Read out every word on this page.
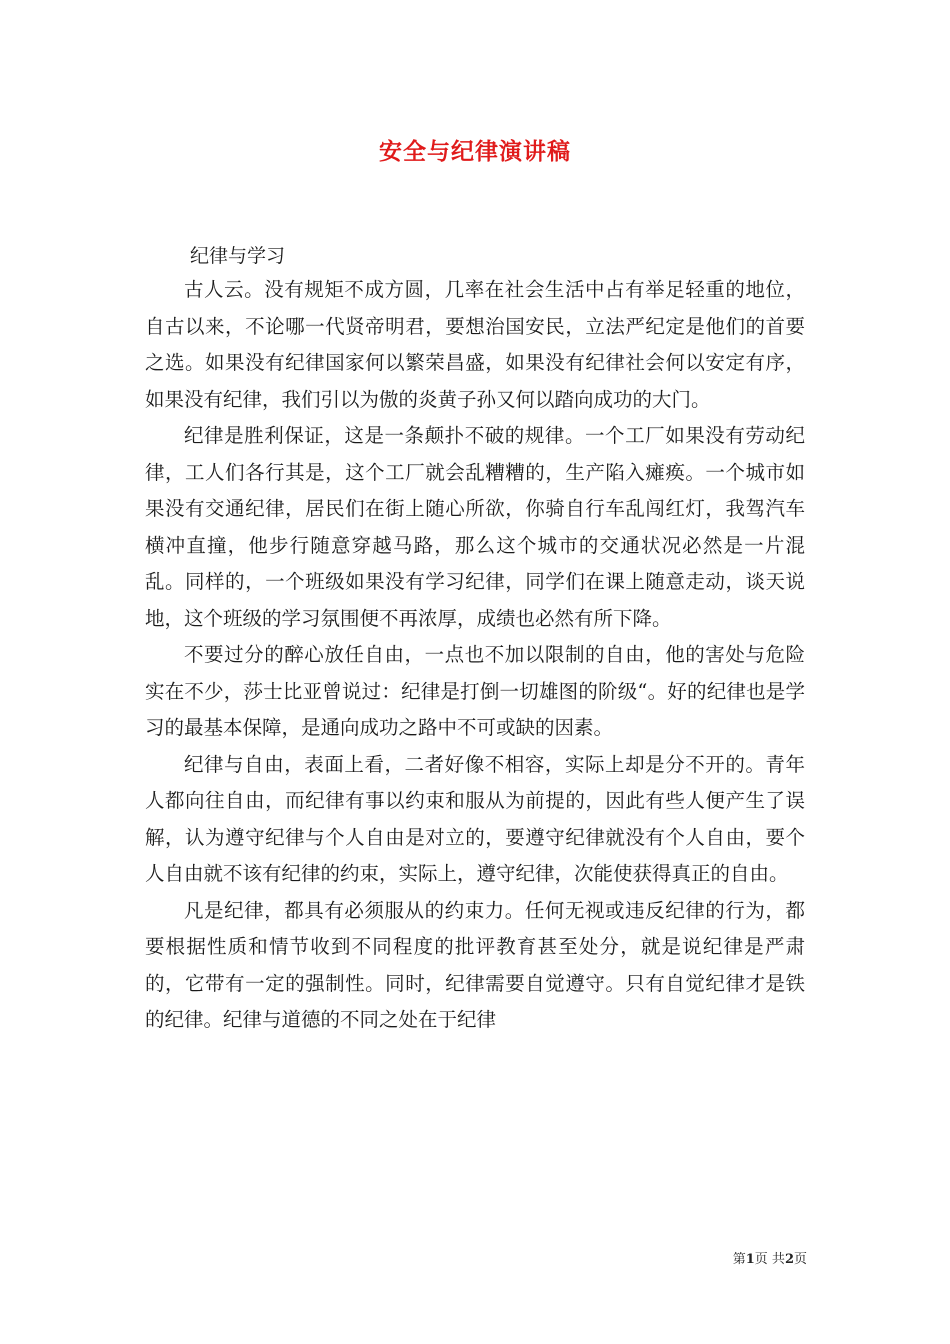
安全与纪律演讲稿

纪律与学习

古人云。没有规矩不成方圆，几率在社会生活中占有举足轻重的地位，自古以来，不论哪一代贤帝明君，要想治国安民，立法严纪定是他们的首要之选。如果没有纪律国家何以繁荣昌盛，如果没有纪律社会何以安定有序，如果没有纪律，我们引以为傲的炎黄子孙又何以踏向成功的大门。

纪律是胜利保证，这是一条颠扑不破的规律。一个工厂如果没有劳动纪律，工人们各行其是，这个工厂就会乱糟糟的，生产陷入瘫痪。一个城市如果没有交通纪律，居民们在街上随心所欲，你骑自行车乱闯红灯，我驾汽车横冲直撞，他步行随意穿越马路，那么这个城市的交通状况必然是一片混乱。同样的，一个班级如果没有学习纪律，同学们在课上随意走动，谈天说地，这个班级的学习氛围便不再浓厚，成绩也必然有所下降。

不要过分的醉心放任自由，一点也不加以限制的自由，他的害处与危险实在不少，莎士比亚曾说过：纪律是打倒一切雄图的阶级“。好的纪律也是学习的最基本保障，是通向成功之路中不可或缺的因素。

纪律与自由，表面上看，二者好像不相容，实际上却是分不开的。青年人都向往自由，而纪律有事以约束和服从为前提的，因此有些人便产生了误解，认为遵守纪律与个人自由是对立的，要遵守纪律就没有个人自由，要个人自由就不该有纪律的约束，实际上，遵守纪律，次能使获得真正的自由。

凡是纪律，都具有必须服从的约束力。任何无视或违反纪律的行为，都要根据性质和情节收到不同程度的批评教育甚至处分，就是说纪律是严肃的，它带有一定的强制性。同时，纪律需要自觉遵守。只有自觉纪律才是铁的纪律。纪律与道德的不同之处在于纪律

第1页 共2页
